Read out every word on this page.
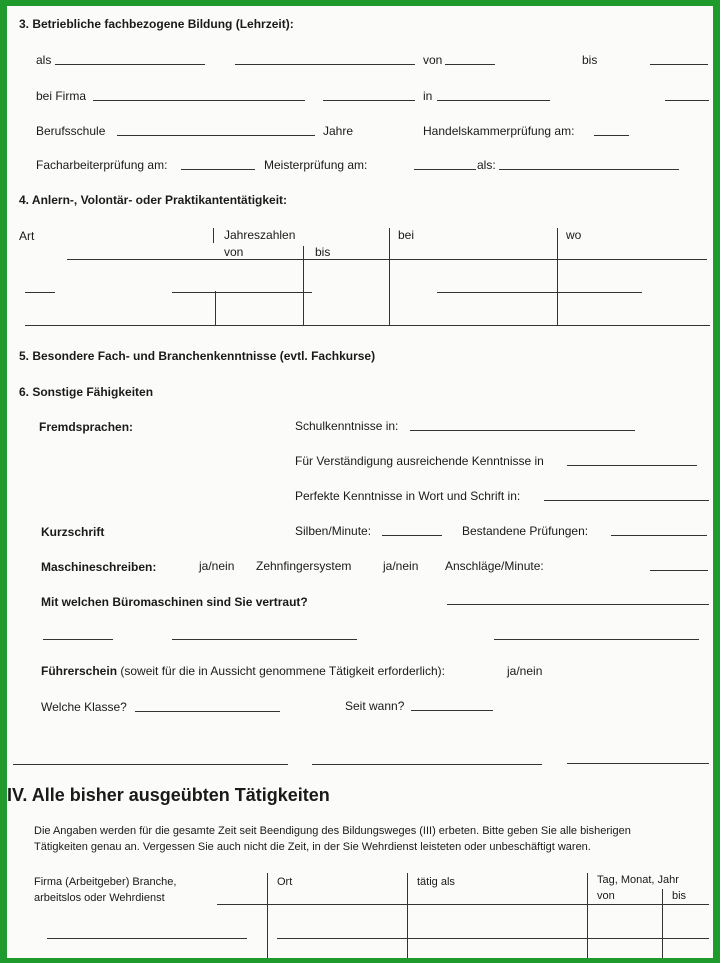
3. Betriebliche fachbezogene Bildung (Lehrzeit):
als	von	bis
bei Firma	in
Berufsschule	Jahre	Handelskammerprüfung am:
Facharbeiterprüfung am:	Meisterprüfung am:	als:
4. Anlern-, Volontär- oder Praktikantentätigkeit:
Art	Jahreszahlen
von	bis
bei	wo
5. Besondere Fach- und Branchenkenntnisse (evtl. Fachkurse)
6. Sonstige Fähigkeiten
Fremdsprachen:	Schulkenntnisse in:
Für Verständigung ausreichende Kenntnisse in
Perfekte Kenntnisse in Wort und Schrift in:
Kurzschrift	Silben/Minute:	Bestandene Prüfungen:
Maschineschreiben:	ja/nein Zehnfingersystem	ja/nein Anschläge/Minute:
Mit welchen Büromaschinen sind Sie vertraut?
Führerschein (soweit für die in Aussicht genommene Tätigkeit erforderlich):	ja/nein
Welche Klasse?	Seit wann?
IV. Alle bisher ausgeübten Tätigkeiten
Die Angaben werden für die gesamte Zeit seit Beendigung des Bildungsweges (III) erbeten. Bitte geben Sie alle bisherigen
Tätigkeiten genau an. Vergessen Sie auch nicht die Zeit, in der Sie Wehrdienst leisteten oder unbeschäftigt waren.
Firma (Arbeitgeber) Branche,
arbeitslos oder Wehrdienst
Ort	tätig als	Tag, Monat, Jahr
von	bis
